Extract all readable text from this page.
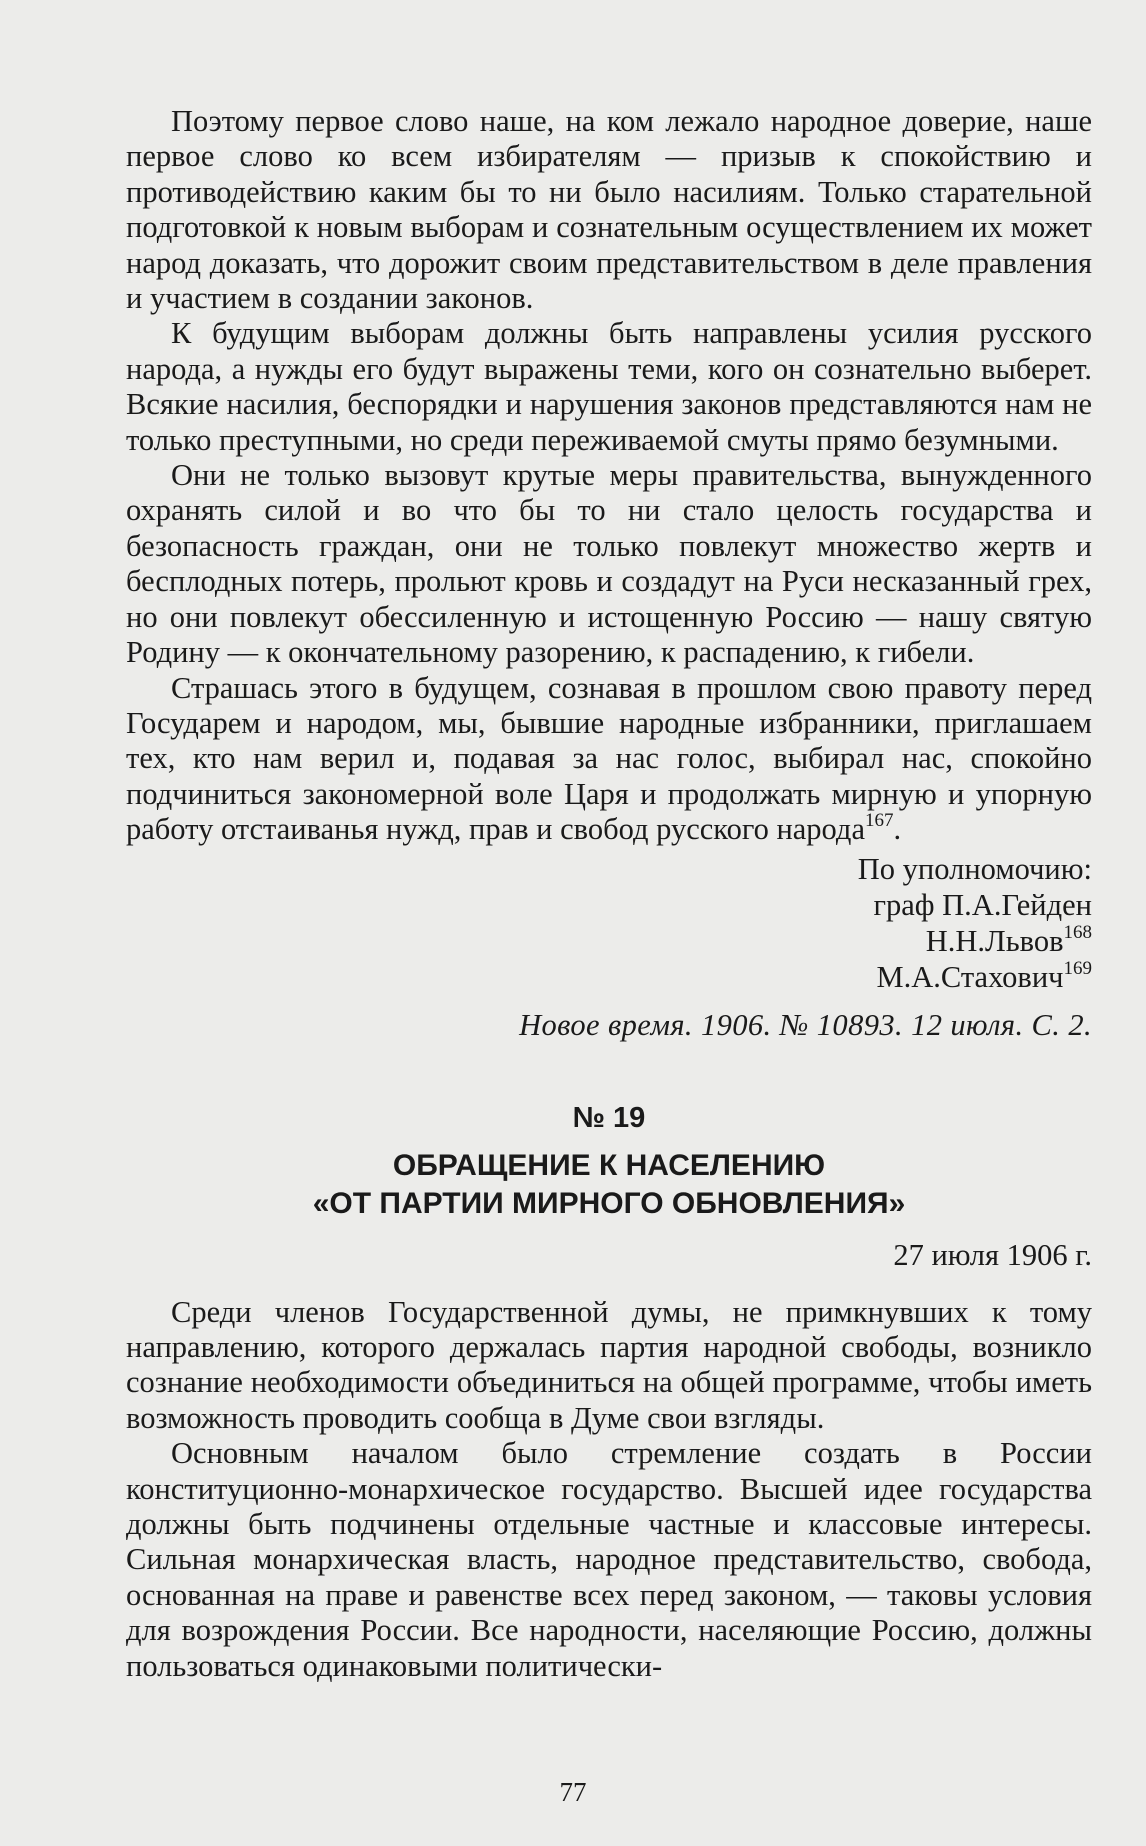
Поэтому первое слово наше, на ком лежало народное доверие, наше первое слово ко всем избирателям — призыв к спокойствию и противодействию каким бы то ни было насилиям. Только старательной подготовкой к новым выборам и сознательным осуществлением их может народ доказать, что дорожит своим представительством в деле правления и участием в создании законов.

К будущим выборам должны быть направлены усилия русского народа, а нужды его будут выражены теми, кого он сознательно выберет. Всякие насилия, беспорядки и нарушения законов представляются нам не только преступными, но среди переживаемой смуты прямо безумными.

Они не только вызовут крутые меры правительства, вынужденного охранять силой и во что бы то ни стало целость государства и безопасность граждан, они не только повлекут множество жертв и бесплодных потерь, прольют кровь и создадут на Руси несказанный грех, но они повлекут обессиленную и истощенную Россию — нашу святую Родину — к окончательному разорению, к распадению, к гибели.

Страшась этого в будущем, сознавая в прошлом свою правоту перед Государем и народом, мы, бывшие народные избранники, приглашаем тех, кто нам верил и, подавая за нас голос, выбирал нас, спокойно подчиниться закономерной воле Царя и продолжать мирную и упорную работу отстаиванья нужд, прав и свобод русского народа$^{167}$.

По уполномочию:
граф П.А.Гейден
Н.Н.Львов$^{168}$
М.А.Стахович$^{169}$
Новое время. 1906. № 10893. 12 июля. С. 2.
№ 19
ОБРАЩЕНИЕ К НАСЕЛЕНИЮ
«ОТ ПАРТИИ МИРНОГО ОБНОВЛЕНИЯ»
27 июля 1906 г.

Среди членов Государственной думы, не примкнувших к тому направлению, которого держалась партия народной свободы, возникло сознание необходимости объединиться на общей программе, чтобы иметь возможность проводить сообща в Думе свои взгляды.

Основным началом было стремление создать в России конституционно-монархическое государство. Высшей идее государства должны быть подчинены отдельные частные и классовые интересы. Сильная монархическая власть, народное представительство, свобода, основанная на праве и равенстве всех перед законом, — таковы условия для возрождения России. Все народности, населяющие Россию, должны пользоваться одинаковыми политически-

77
